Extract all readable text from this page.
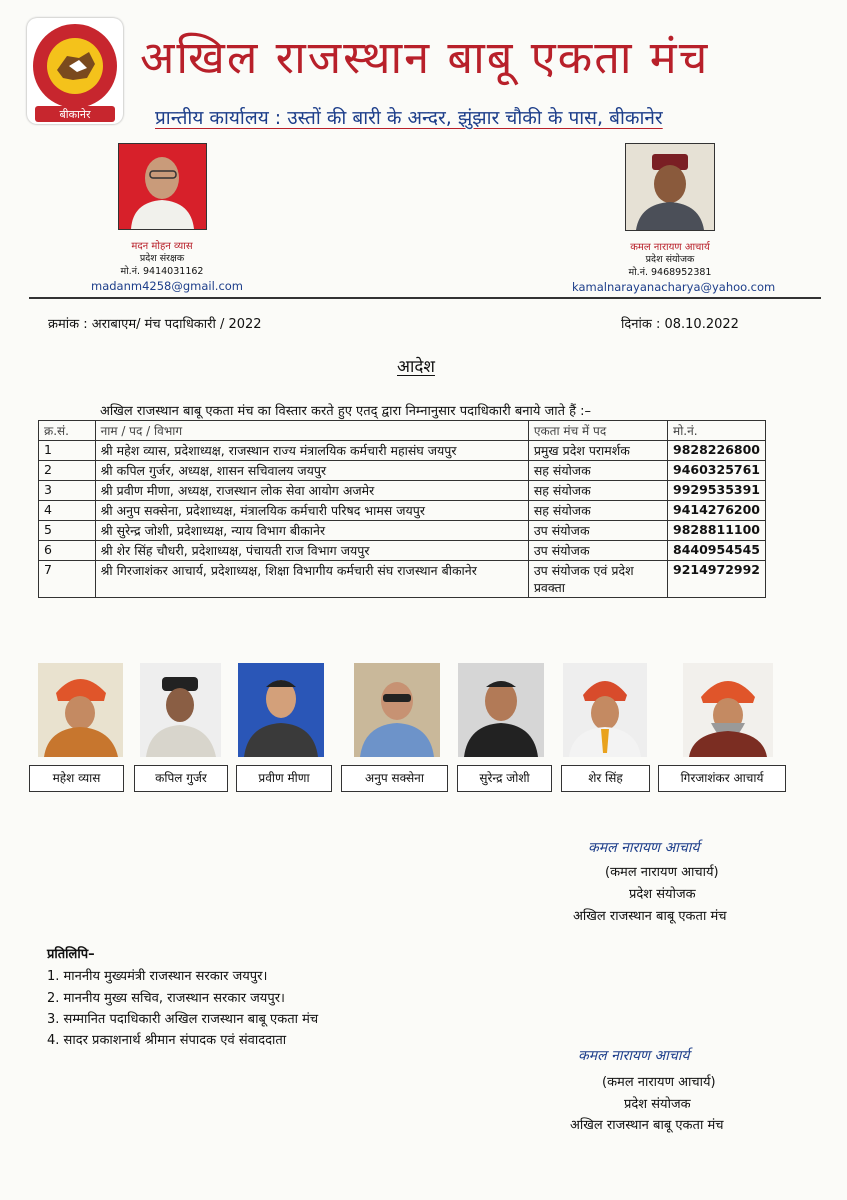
बीकानेर
अखिल राजस्थान बाबू एकता मंच
प्रान्तीय कार्यालय : उस्तों की बारी के अन्दर, झुंझार चौकी के पास, बीकानेर
मदन मोहन व्यास
प्रदेश संरक्षक
मो.नं. 9414031162
madanm4258@gmail.com
कमल नारायण आचार्य
प्रदेश संयोजक
मो.नं. 9468952381
kamalnarayanacharya@yahoo.com
क्रमांक : अराबाएम/ मंच पदाधिकारी / 2022	दिनांक : 08.10.2022
आदेश
अखिल राजस्थान बाबू एकता मंच का विस्तार करते हुए एतद् द्वारा निम्नानुसार पदाधिकारी बनाये जाते हैं :–
क्र.सं.	नाम / पद / विभाग	एकता मंच में पद	मो.नं.
1	श्री महेश व्यास, प्रदेशाध्यक्ष, राजस्थान राज्य मंत्रालयिक कर्मचारी महासंघ जयपुर	प्रमुख प्रदेश परामर्शक	9828226800
2	श्री कपिल गुर्जर, अध्यक्ष, शासन सचिवालय जयपुर	सह संयोजक	9460325761
3	श्री प्रवीण मीणा, अध्यक्ष, राजस्थान लोक सेवा आयोग अजमेर	सह संयोजक	9929535391
4	श्री अनुप सक्सेना, प्रदेशाध्यक्ष, मंत्रालयिक कर्मचारी परिषद भामस जयपुर	सह संयोजक	9414276200
5	श्री सुरेन्द्र जोशी, प्रदेशाध्यक्ष, न्याय विभाग बीकानेर	उप संयोजक	9828811100
6	श्री शेर सिंह चौधरी, प्रदेशाध्यक्ष, पंचायती राज विभाग जयपुर	उप संयोजक	8440954545
7	श्री गिरजाशंकर आचार्य, प्रदेशाध्यक्ष, शिक्षा विभागीय कर्मचारी संघ राजस्थान बीकानेर	उप संयोजक एवं प्रदेश प्रवक्ता	9214972992
महेश व्यास	कपिल गुर्जर	प्रवीण मीणा	अनुप सक्सेना	सुरेन्द्र जोशी	शेर सिंह	गिरजाशंकर आचार्य
कमल नारायण आचार्य
(कमल नारायण आचार्य)
प्रदेश संयोजक
अखिल राजस्थान बाबू एकता मंच
प्रतिलिपि–
1. माननीय मुख्यमंत्री राजस्थान सरकार जयपुर।
2. माननीय मुख्य सचिव, राजस्थान सरकार जयपुर।
3. सम्मानित पदाधिकारी अखिल राजस्थान बाबू एकता मंच
4. सादर प्रकाशनार्थ श्रीमान संपादक एवं संवाददाता
कमल नारायण आचार्य
(कमल नारायण आचार्य)
प्रदेश संयोजक
अखिल राजस्थान बाबू एकता मंच
